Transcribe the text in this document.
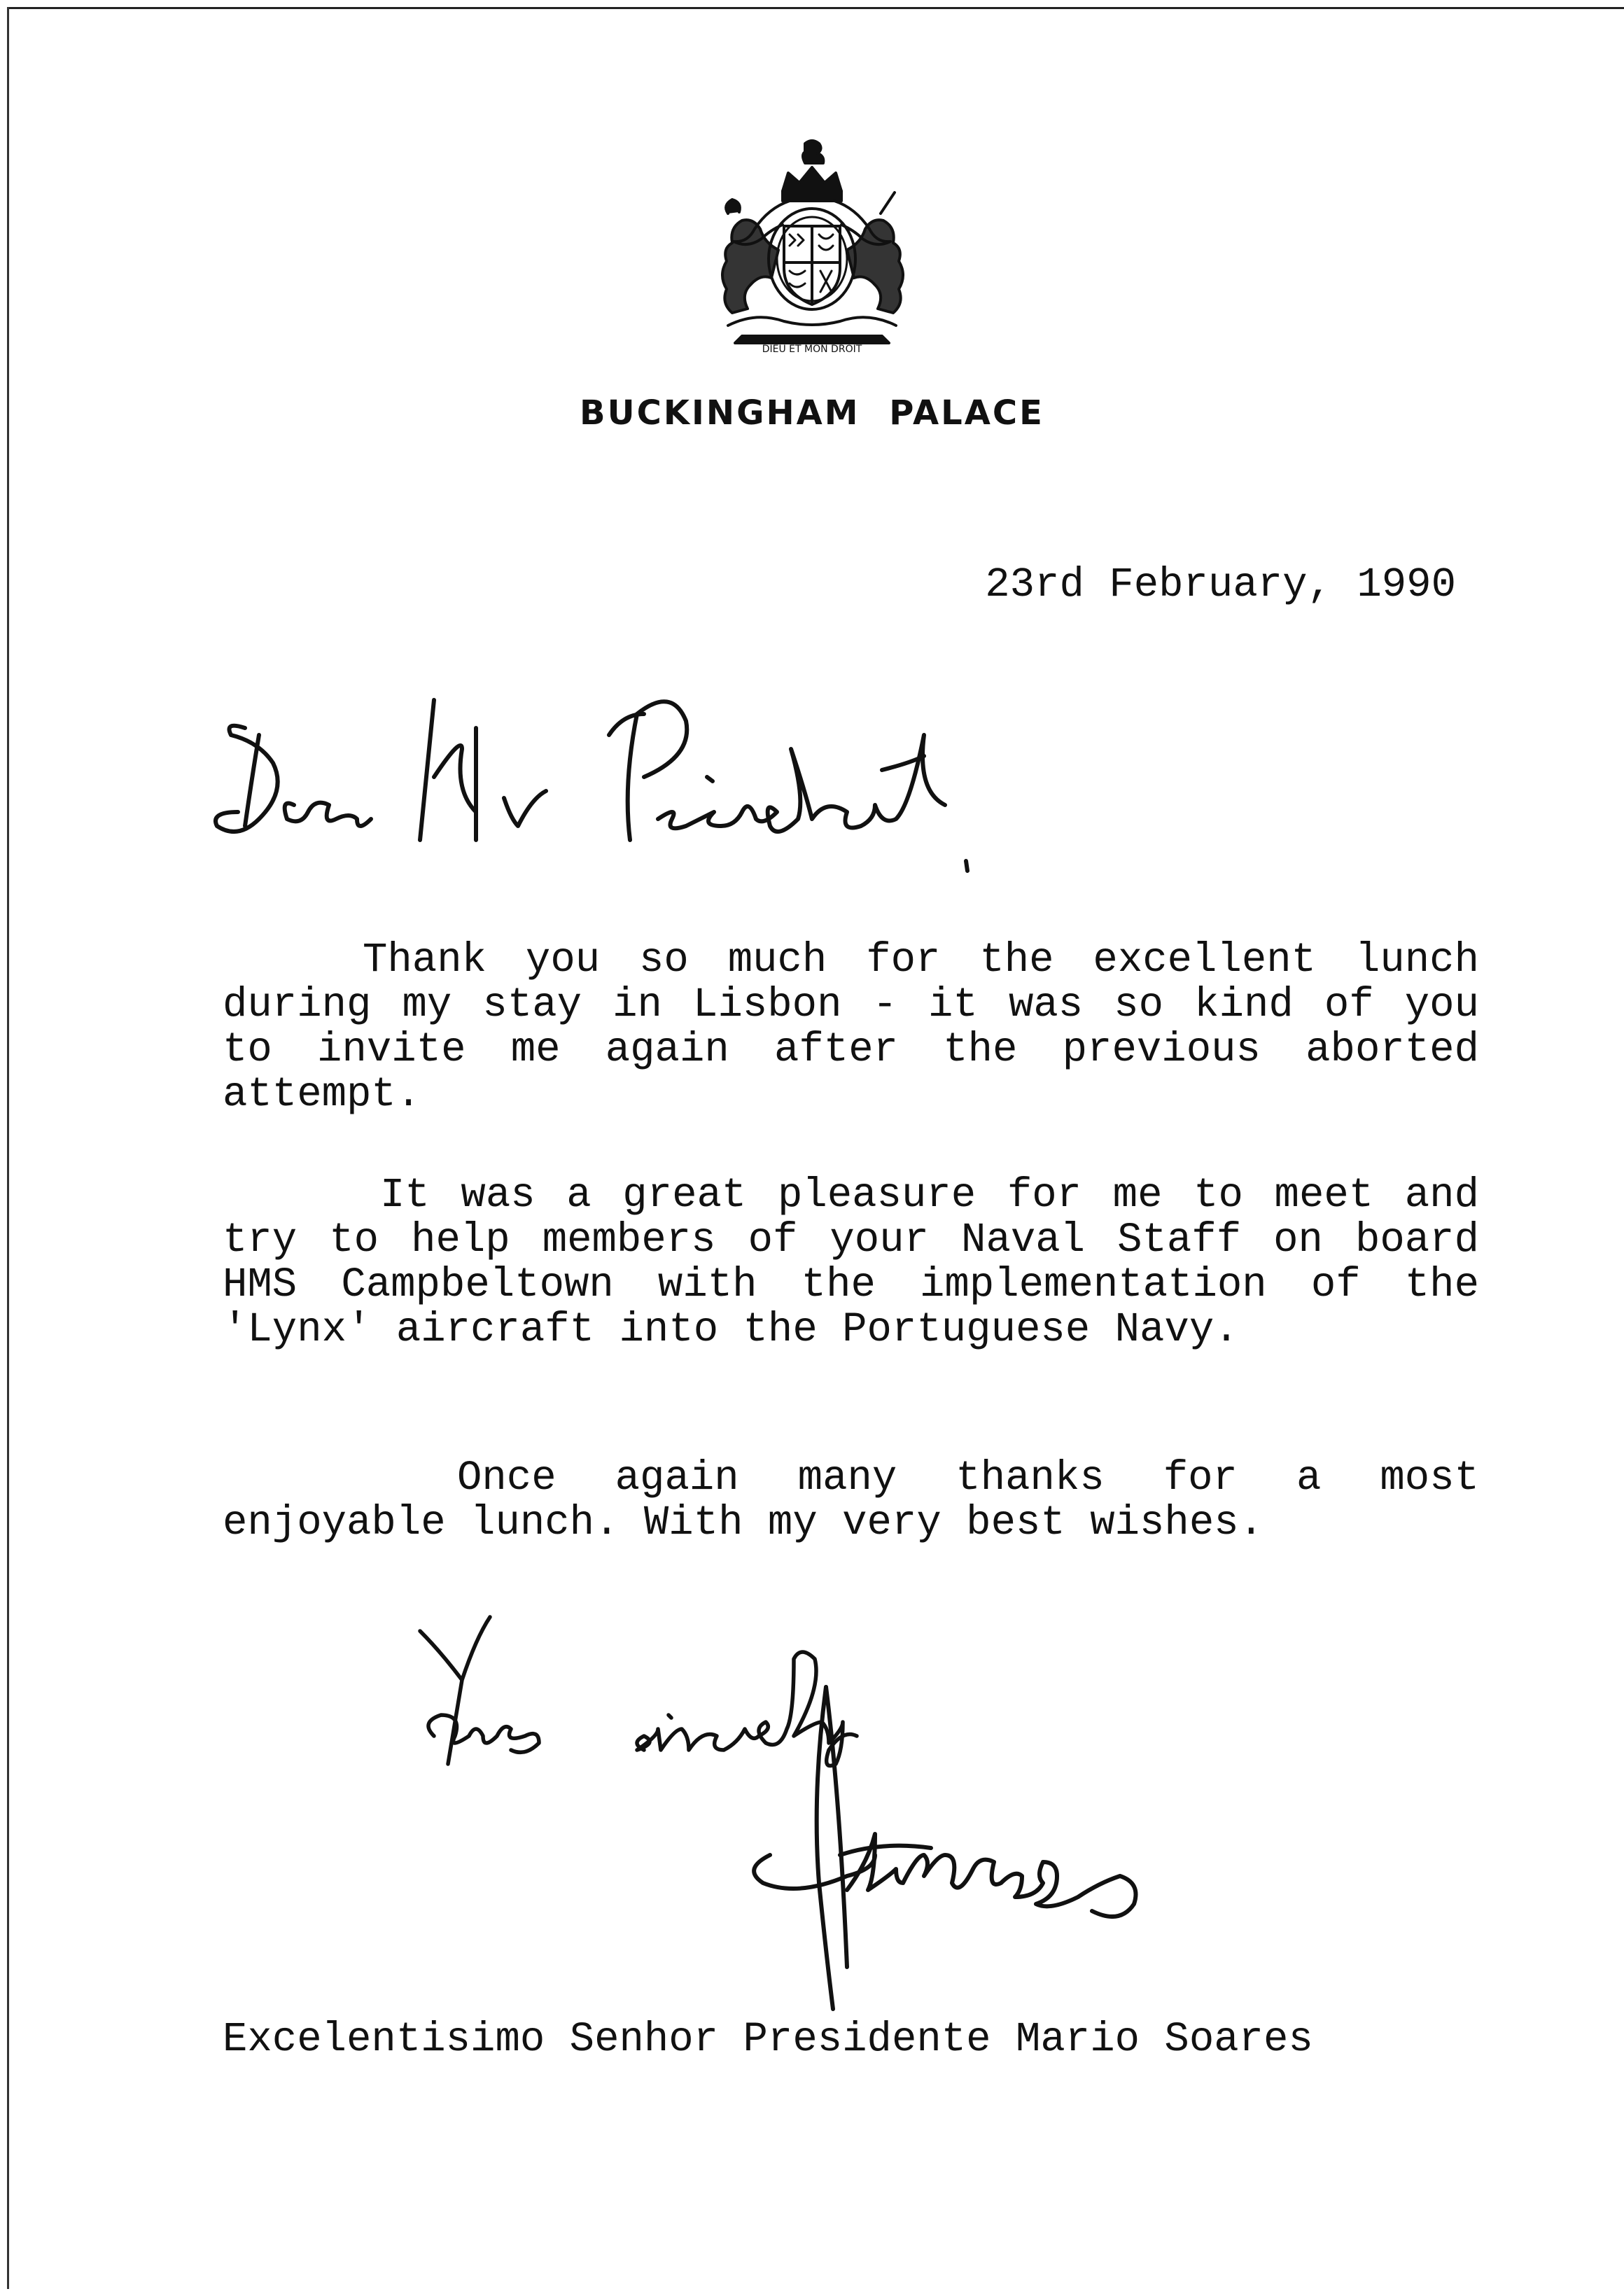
DIEU ET MON DROIT
BUCKINGHAM PALACE
23rd February, 1990

Thank you so much for the excellent lunch during my stay in Lisbon - it was so kind of you to invite me again after the previous aborted attempt.

It was a great pleasure for me to meet and try to help members of your Naval Staff on board HMS Campbeltown with the implementation of the 'Lynx' aircraft into the Portuguese Navy.

Once again many thanks for a most enjoyable lunch. With my very best wishes.

Excelentisimo Senhor Presidente Mario Soares
